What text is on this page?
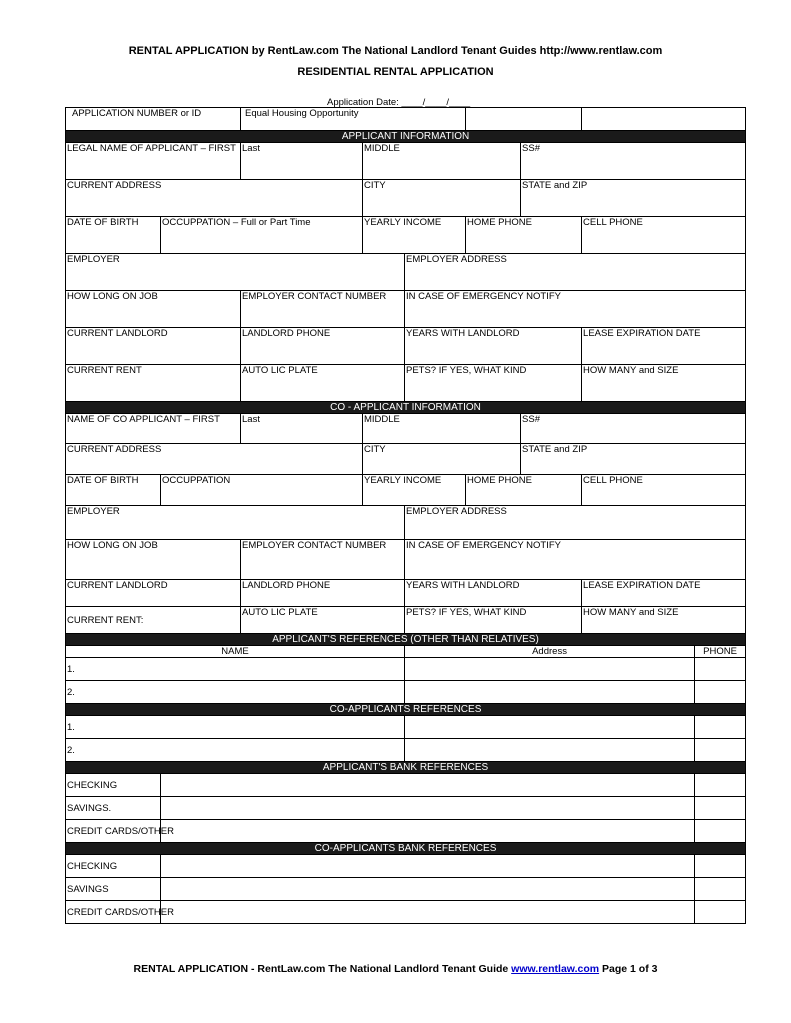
RENTAL APPLICATION by RentLaw.com The National Landlord Tenant Guides http://www.rentlaw.com
RESIDENTIAL RENTAL APPLICATION
Application Date: ____/____/____
APPLICATION NUMBER or ID		Equal Housing Opportunity						
APPLICANT INFORMATION								
LEGAL NAME OF APPLICANT – FIRST		Last	MIDDLE			SS#		
CURRENT ADDRESS			CITY			STATE and ZIP		
DATE OF BIRTH	OCCUPPATION – Full or Part Time		YEARLY INCOME		HOME PHONE		CELL PHONE	
EMPLOYER				EMPLOYER ADDRESS				
HOW LONG ON JOB		EMPLOYER CONTACT NUMBER		IN CASE OF EMERGENCY NOTIFY				
CURRENT LANDLORD		LANDLORD PHONE		YEARS WITH LANDLORD			LEASE EXPIRATION DATE	
CURRENT RENT		AUTO LIC PLATE		PETS? IF YES, WHAT KIND			HOW MANY and SIZE	
CO - APPLICANT INFORMATION								
NAME OF CO APPLICANT – FIRST		Last	MIDDLE			SS#		
CURRENT ADDRESS			CITY			STATE and ZIP		
DATE OF BIRTH	OCCUPPATION		YEARLY INCOME		HOME PHONE		CELL PHONE	
EMPLOYER				EMPLOYER ADDRESS				
HOW LONG ON JOB		EMPLOYER CONTACT NUMBER		IN CASE OF EMERGENCY NOTIFY				
CURRENT LANDLORD		LANDLORD PHONE		YEARS WITH LANDLORD			LEASE EXPIRATION DATE	
CURRENT RENT:		AUTO LIC PLATE		PETS? IF YES, WHAT KIND			HOW MANY and SIZE	
APPLICANT'S REFERENCES (OTHER THAN RELATIVES)								
NAME				Address				PHONE
1.								
2.								
CO-APPLICANTS REFERENCES								
1.								
2.								
APPLICANT'S BANK REFERENCES								
CHECKING								
SAVINGS.								
CREDIT CARDS/OTHER								
CO-APPLICANTS BANK REFERENCES								
CHECKING								
SAVINGS								
CREDIT CARDS/OTHER								
RENTAL APPLICATION - RentLaw.com The National Landlord Tenant Guide www.rentlaw.com Page 1 of 3
